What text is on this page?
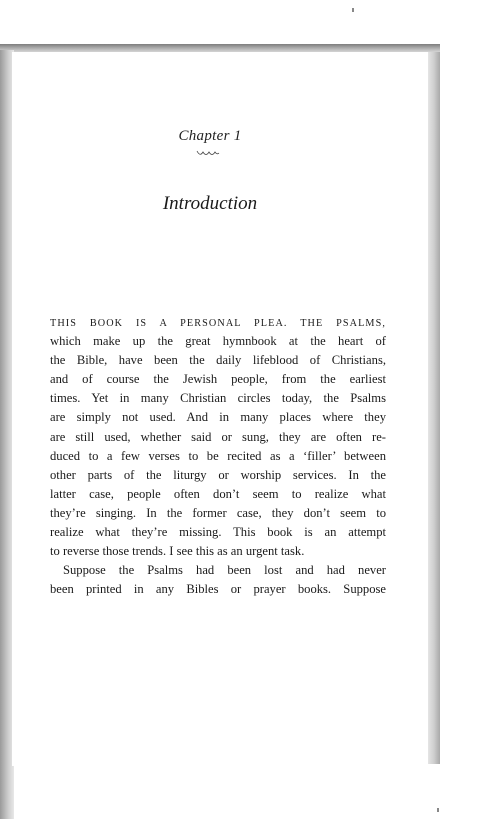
Chapter 1
Introduction
THIS BOOK IS A PERSONAL PLEA. THE PSALMS,
which make up the great hymnbook at the heart of
the Bible, have been the daily lifeblood of Christians,
and of course the Jewish people, from the earliest
times. Yet in many Christian circles today, the Psalms
are simply not used. And in many places where they
are still used, whether said or sung, they are often re-
duced to a few verses to be recited as a ‘filler’ between
other parts of the liturgy or worship services. In the
latter case, people often don’t seem to realize what
they’re singing. In the former case, they don’t seem to
realize what they’re missing. This book is an attempt
to reverse those trends. I see this as an urgent task.
Suppose the Psalms had been lost and had never
been printed in any Bibles or prayer books. Suppose
